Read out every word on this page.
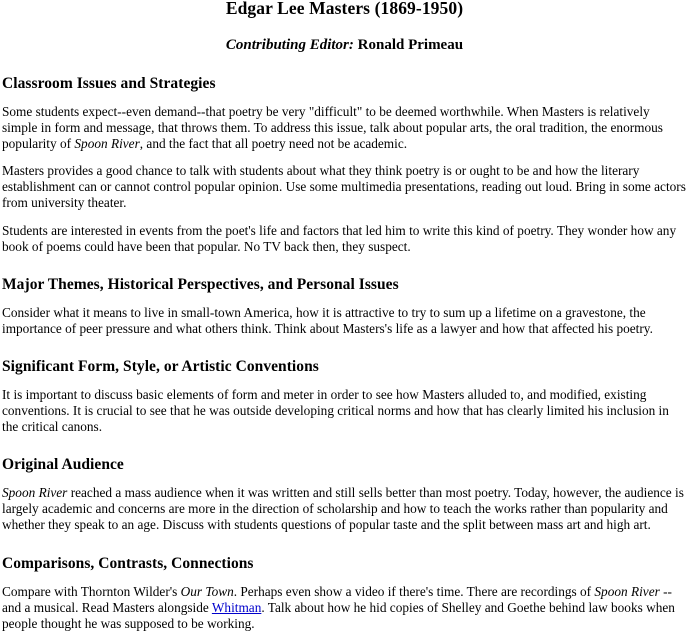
Edgar Lee Masters (1869-1950)

Contributing Editor: Ronald Primeau

Classroom Issues and Strategies

Some students expect--even demand--that poetry be very "difficult" to be deemed worthwhile. When Masters is relatively simple in form and message, that throws them. To address this issue, talk about popular arts, the oral tradition, the enormous popularity of Spoon River, and the fact that all poetry need not be academic.

Masters provides a good chance to talk with students about what they think poetry is or ought to be and how the literary establishment can or cannot control popular opinion. Use some multimedia presentations, reading out loud. Bring in some actors from university theater.

Students are interested in events from the poet's life and factors that led him to write this kind of poetry. They wonder how any book of poems could have been that popular. No TV back then, they suspect.

Major Themes, Historical Perspectives, and Personal Issues

Consider what it means to live in small-town America, how it is attractive to try to sum up a lifetime on a gravestone, the importance of peer pressure and what others think. Think about Masters's life as a lawyer and how that affected his poetry.

Significant Form, Style, or Artistic Conventions

It is important to discuss basic elements of form and meter in order to see how Masters alluded to, and modified, existing conventions. It is crucial to see that he was outside developing critical norms and how that has clearly limited his inclusion in the critical canons.

Original Audience

Spoon River reached a mass audience when it was written and still sells better than most poetry. Today, however, the audience is largely academic and concerns are more in the direction of scholarship and how to teach the works rather than popularity and whether they speak to an age. Discuss with students questions of popular taste and the split between mass art and high art.

Comparisons, Contrasts, Connections

Compare with Thornton Wilder's Our Town. Perhaps even show a video if there's time. There are recordings of Spoon River --and a musical. Read Masters alongside Whitman. Talk about how he hid copies of Shelley and Goethe behind law books when people thought he was supposed to be working.
